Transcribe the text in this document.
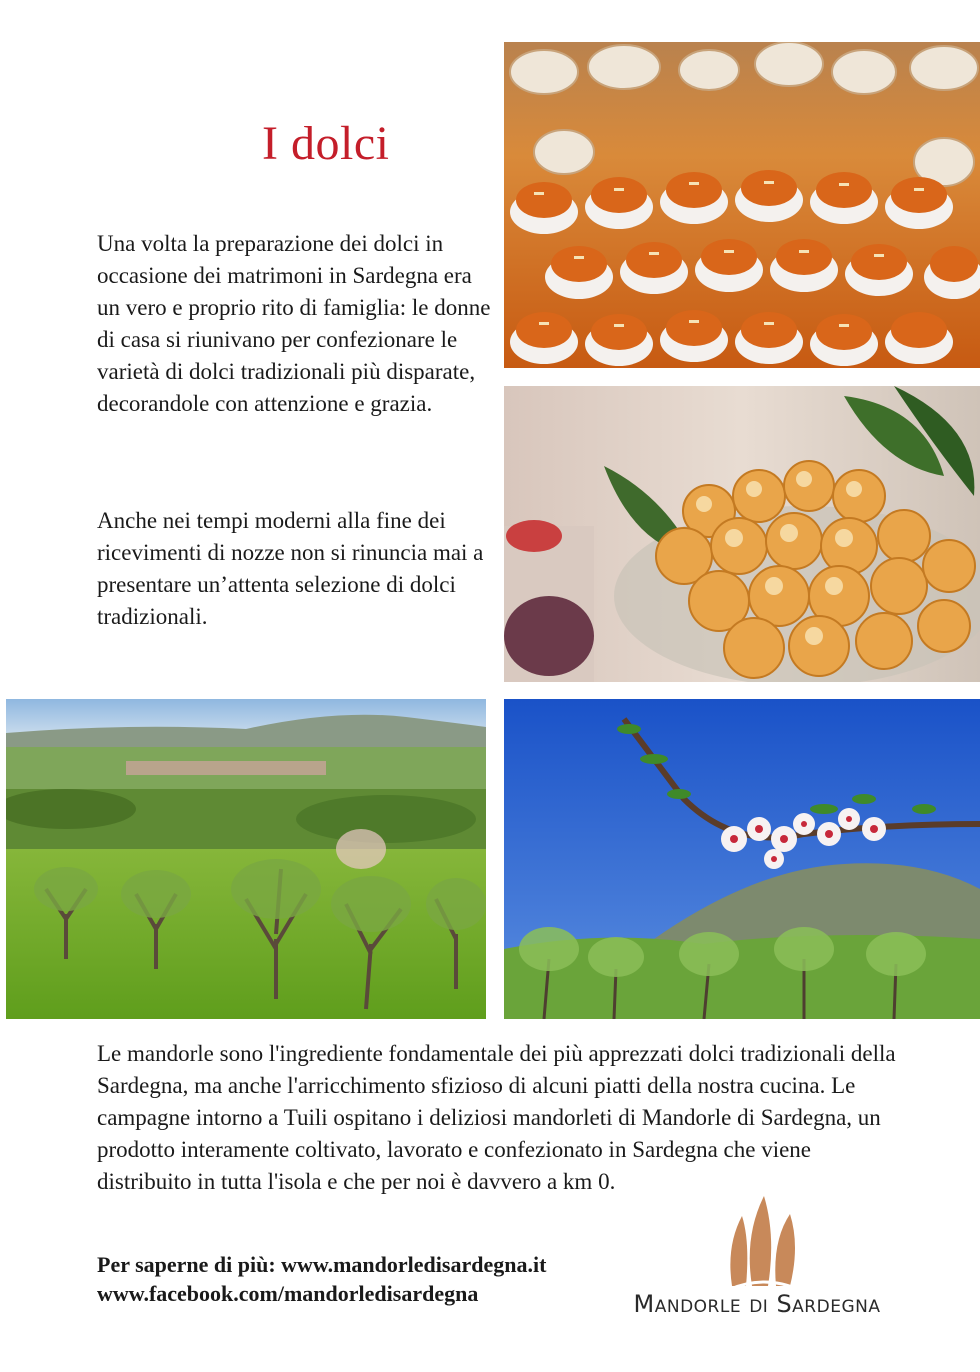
I dolci
Una volta la preparazione dei dolci in occasione dei matrimoni in Sardegna era un vero e proprio rito di famiglia: le donne di casa si riunivano per confezionare le varietà di dolci tradizionali più disparate, decorandole con attenzione e grazia.
Anche nei tempi moderni alla fine dei ricevimenti di nozze non si rinuncia mai a presentare un’attenta selezione di dolci tradizionali.
Le mandorle sono l'ingrediente fondamentale dei più apprezzati dolci tradizionali della Sardegna, ma anche l'arricchimento sfizioso di alcuni piatti della nostra cucina. Le campagne intorno a Tuili ospitano i deliziosi mandorleti di Mandorle di Sardegna, un prodotto interamente coltivato, lavorato e confezionato in Sardegna che viene distribuito in tutta l'isola e che per noi è davvero a km 0.
Per saperne di più: www.mandorledisardegna.it
www.facebook.com/mandorledisardegna	Mandorle di Sardegna
